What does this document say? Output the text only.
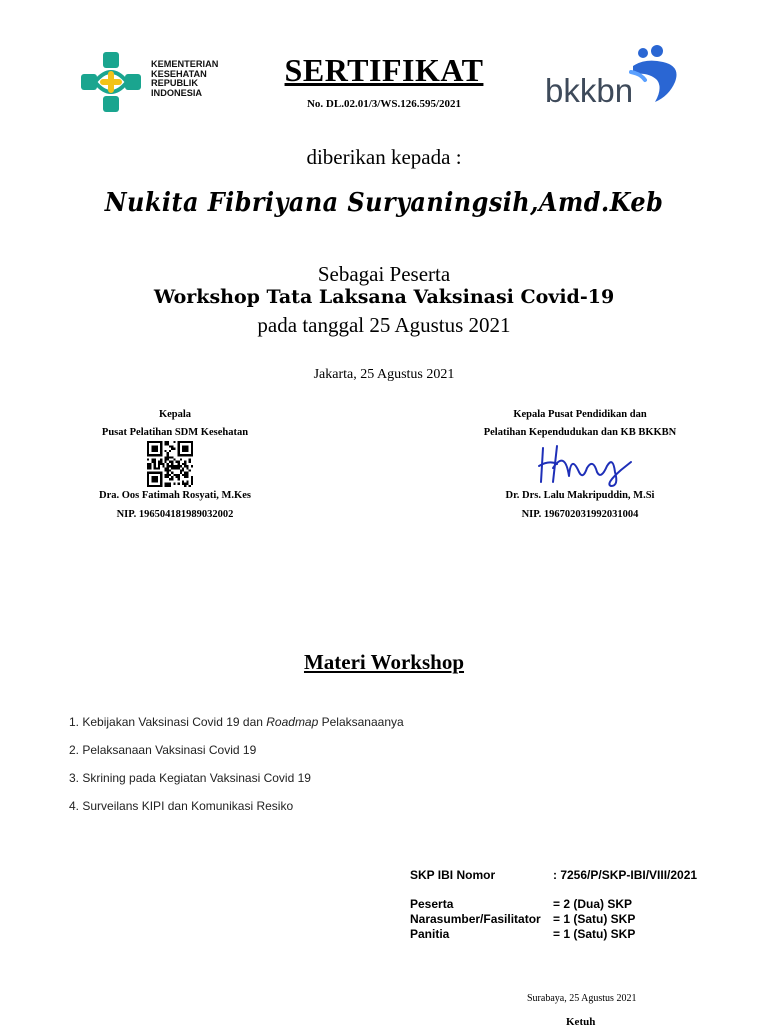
KEMENTERIAN
KESEHATAN
REPUBLIK
INDONESIA	bkkbn
SERTIFIKAT
No. DL.02.01/3/WS.126.595/2021
diberikan kepada :
Nukita Fibriyana Suryaningsih,Amd.Keb
Sebagai Peserta
Workshop Tata Laksana Vaksinasi Covid-19
pada tanggal 25 Agustus 2021
Jakarta, 25 Agustus 2021
Kepala
Pusat Pelatihan SDM Kesehatan
Dra. Oos Fatimah Rosyati, M.Kes
NIP. 196504181989032002
Kepala Pusat Pendidikan dan
Pelatihan Kependudukan dan KB BKKBN
Dr. Drs. Lalu Makripuddin, M.Si
NIP. 196702031992031004
Materi Workshop
1. Kebijakan Vaksinasi Covid 19 dan Roadmap Pelaksanaanya
2. Pelaksanaan Vaksinasi Covid 19
3. Skrining pada Kegiatan Vaksinasi Covid 19
4. Surveilans KIPI dan Komunikasi Resiko
SKP IBI Nomor	: 7256/P/SKP-IBI/VIII/2021
Peserta	= 2 (Dua) SKP
Narasumber/Fasilitator = 1 (Satu) SKP
Panitia	= 1 (Satu) SKP
Surabaya, 25 Agustus 2021
Ketuh
